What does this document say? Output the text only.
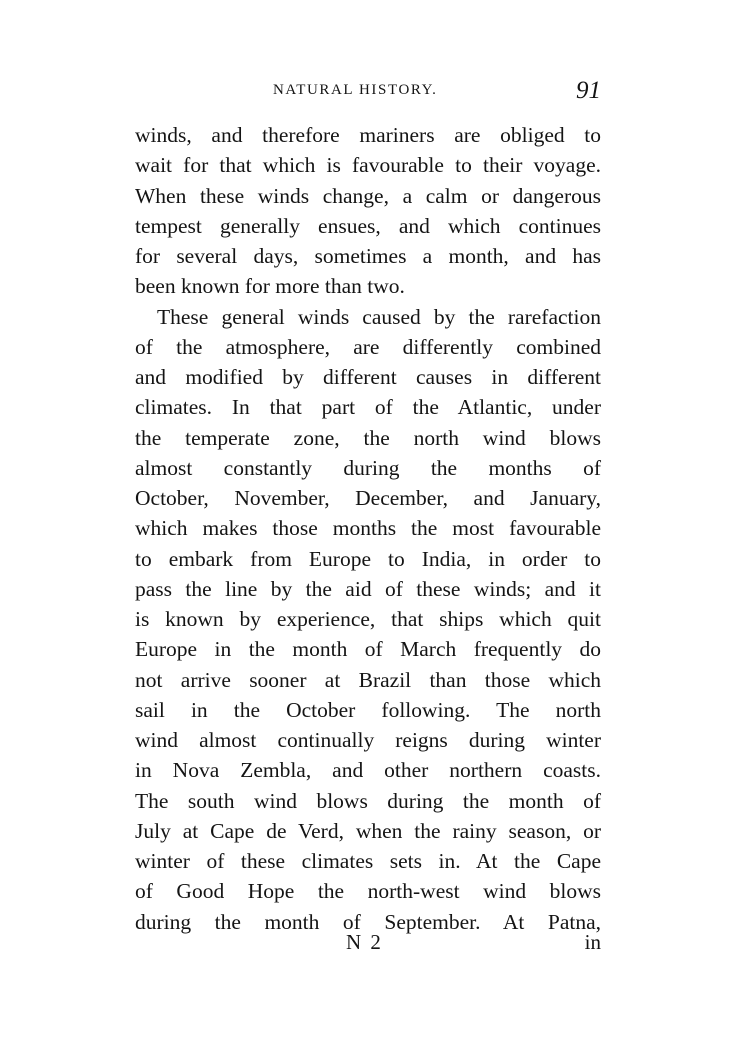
NATURAL HISTORY.	91

winds, and therefore mariners are obliged to
wait for that which is favourable to their voyage.
When these winds change, a calm or dangerous
tempest generally ensues, and which continues
for several days, sometimes a month, and has
been known for more than two.

These general winds caused by the rarefaction
of the atmosphere, are differently combined
and modified by different causes in different
climates. In that part of the Atlantic, under
the temperate zone, the north wind blows
almost constantly during the months of
October, November, December, and January,
which makes those months the most favourable
to embark from Europe to India, in order to
pass the line by the aid of these winds; and it
is known by experience, that ships which quit
Europe in the month of March frequently do
not arrive sooner at Brazil than those which
sail in the October following. The north
wind almost continually reigns during winter
in Nova Zembla, and other northern coasts.
The south wind blows during the month of
July at Cape de Verd, when the rainy season, or
winter of these climates sets in. At the Cape
of Good Hope the north-west wind blows
during the month of September. At Patna,

N 2	in
